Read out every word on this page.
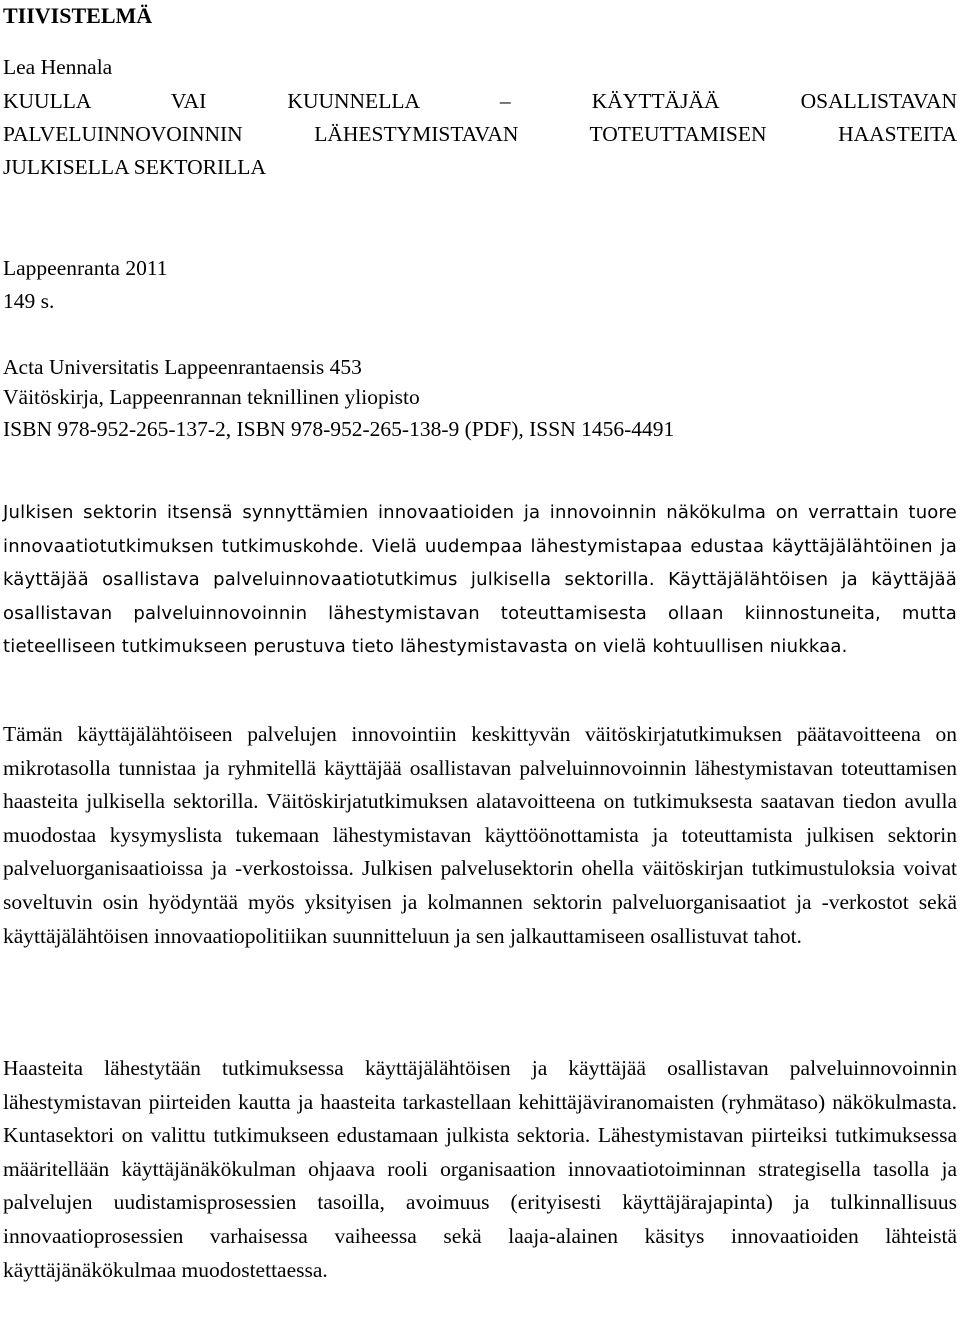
TIIVISTELMÄ

Lea Hennala

KUULLA VAI KUUNNELLA – KÄYTTÄJÄÄ OSALLISTAVAN

PALVELUINNOVOINNIN LÄHESTYMISTAVAN TOTEUTTAMISEN HAASTEITA

JULKISELLA SEKTORILLA

Lappeenranta 2011

149 s.

Acta Universitatis Lappeenrantaensis 453

Väitöskirja, Lappeenrannan teknillinen yliopisto

ISBN 978-952-265-137-2, ISBN 978-952-265-138-9 (PDF), ISSN 1456-4491

Julkisen sektorin itsensä synnyttämien innovaatioiden ja innovoinnin näkökulma on verrattain tuore innovaatiotutkimuksen tutkimuskohde. Vielä uudempaa lähestymistapaa edustaa käyttäjälähtöinen ja käyttäjää osallistava palveluinnovaatiotutkimus julkisella sektorilla. Käyttäjälähtöisen ja käyttäjää osallistavan palveluinnovoinnin lähestymistavan toteuttamisesta ollaan kiinnostuneita, mutta tieteelliseen tutkimukseen perustuva tieto lähestymistavasta on vielä kohtuullisen niukkaa.

Tämän käyttäjälähtöiseen palvelujen innovointiin keskittyvän väitöskirjatutkimuksen päätavoitteena on mikrotasolla tunnistaa ja ryhmitellä käyttäjää osallistavan palveluinnovoinnin lähestymistavan toteuttamisen haasteita julkisella sektorilla. Väitöskirjatutkimuksen alatavoitteena on tutkimuksesta saatavan tiedon avulla muodostaa kysymyslista tukemaan lähestymistavan käyttöönottamista ja toteuttamista julkisen sektorin palveluorganisaatioissa ja -verkostoissa. Julkisen palvelusektorin ohella väitöskirjan tutkimustuloksia voivat soveltuvin osin hyödyntää myös yksityisen ja kolmannen sektorin palveluorganisaatiot ja -verkostot sekä käyttäjälähtöisen innovaatiopolitiikan suunnitteluun ja sen jalkauttamiseen osallistuvat tahot.

Haasteita lähestytään tutkimuksessa käyttäjälähtöisen ja käyttäjää osallistavan palveluinnovoinnin lähestymistavan piirteiden kautta ja haasteita tarkastellaan kehittäjäviranomaisten (ryhmätaso) näkökulmasta. Kuntasektori on valittu tutkimukseen edustamaan julkista sektoria. Lähestymistavan piirteiksi tutkimuksessa määritellään käyttäjänäkökulman ohjaava rooli organisaation innovaatiotoiminnan strategisella tasolla ja palvelujen uudistamisprosessien tasoilla, avoimuus (erityisesti käyttäjärajapinta) ja tulkinnallisuus innovaatioprosessien varhaisessa vaiheessa sekä laaja-alainen käsitys innovaatioiden lähteistä käyttäjänäkökulmaa muodostettaessa.
